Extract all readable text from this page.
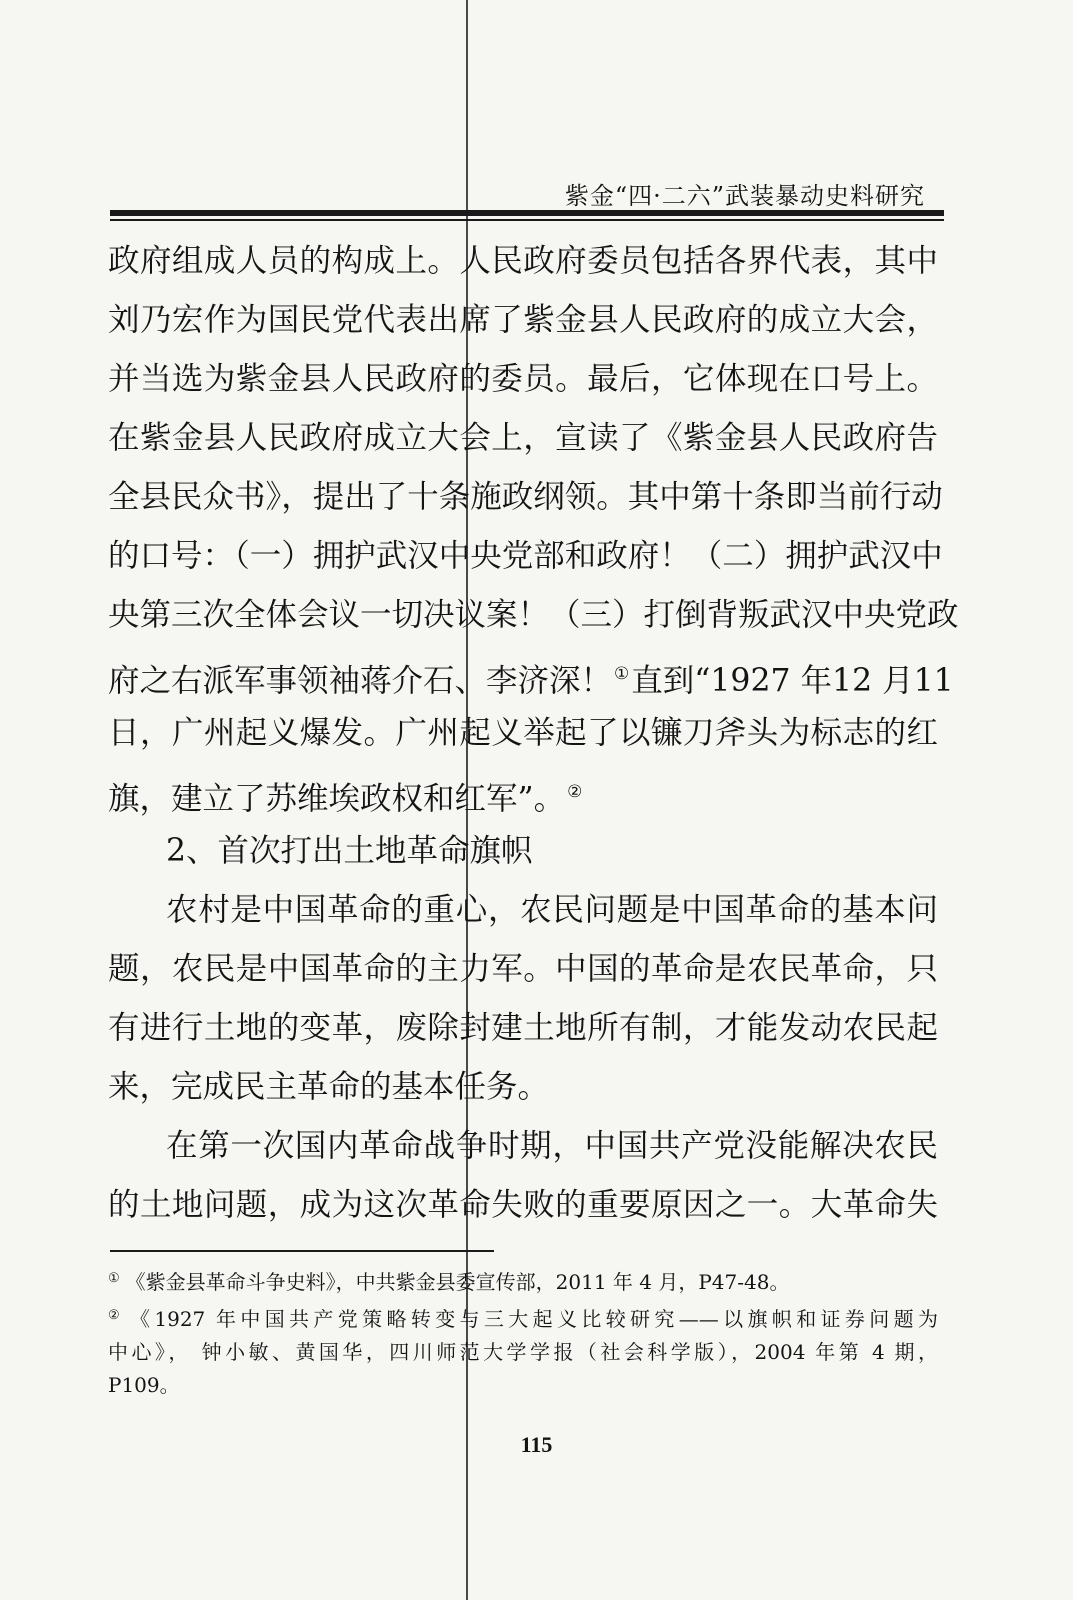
紫金“四·二六”武装暴动史料研究
政府组成人员的构成上。人民政府委员包括各界代表，其中
刘乃宏作为国民党代表出席了紫金县人民政府的成立大会，
并当选为紫金县人民政府的委员。最后，它体现在口号上。
在紫金县人民政府成立大会上，宣读了《紫金县人民政府告
全县民众书》，提出了十条施政纲领。其中第十条即当前行动
的口号：（一）拥护武汉中央党部和政府！（二）拥护武汉中
央第三次全体会议一切决议案！（三）打倒背叛武汉中央党政
府之右派军事领袖蒋介石、李济深！ ①直到“1927 年12 月11
日，广州起义爆发。广州起义举起了以镰刀斧头为标志的红
旗，建立了苏维埃政权和红军”。 ②
2、首次打出土地革命旗帜
农村是中国革命的重心，农民问题是中国革命的基本问
题，农民是中国革命的主力军。中国的革命是农民革命，只
有进行土地的变革，废除封建土地所有制，才能发动农民起
来，完成民主革命的基本任务。
在第一次国内革命战争时期，中国共产党没能解决农民
的土地问题，成为这次革命失败的重要原因之一。大革命失
① 《紫金县革命斗争史料》，中共紫金县委宣传部，2011 年 4 月，P47-48。
② 《1927 年中国共产党策略转变与三大起义比较研究——以旗帜和证券问题为
中心》， 钟小敏、黄国华，四川师范大学学报（社会科学版），2004 年第 4 期，
P109。
115
